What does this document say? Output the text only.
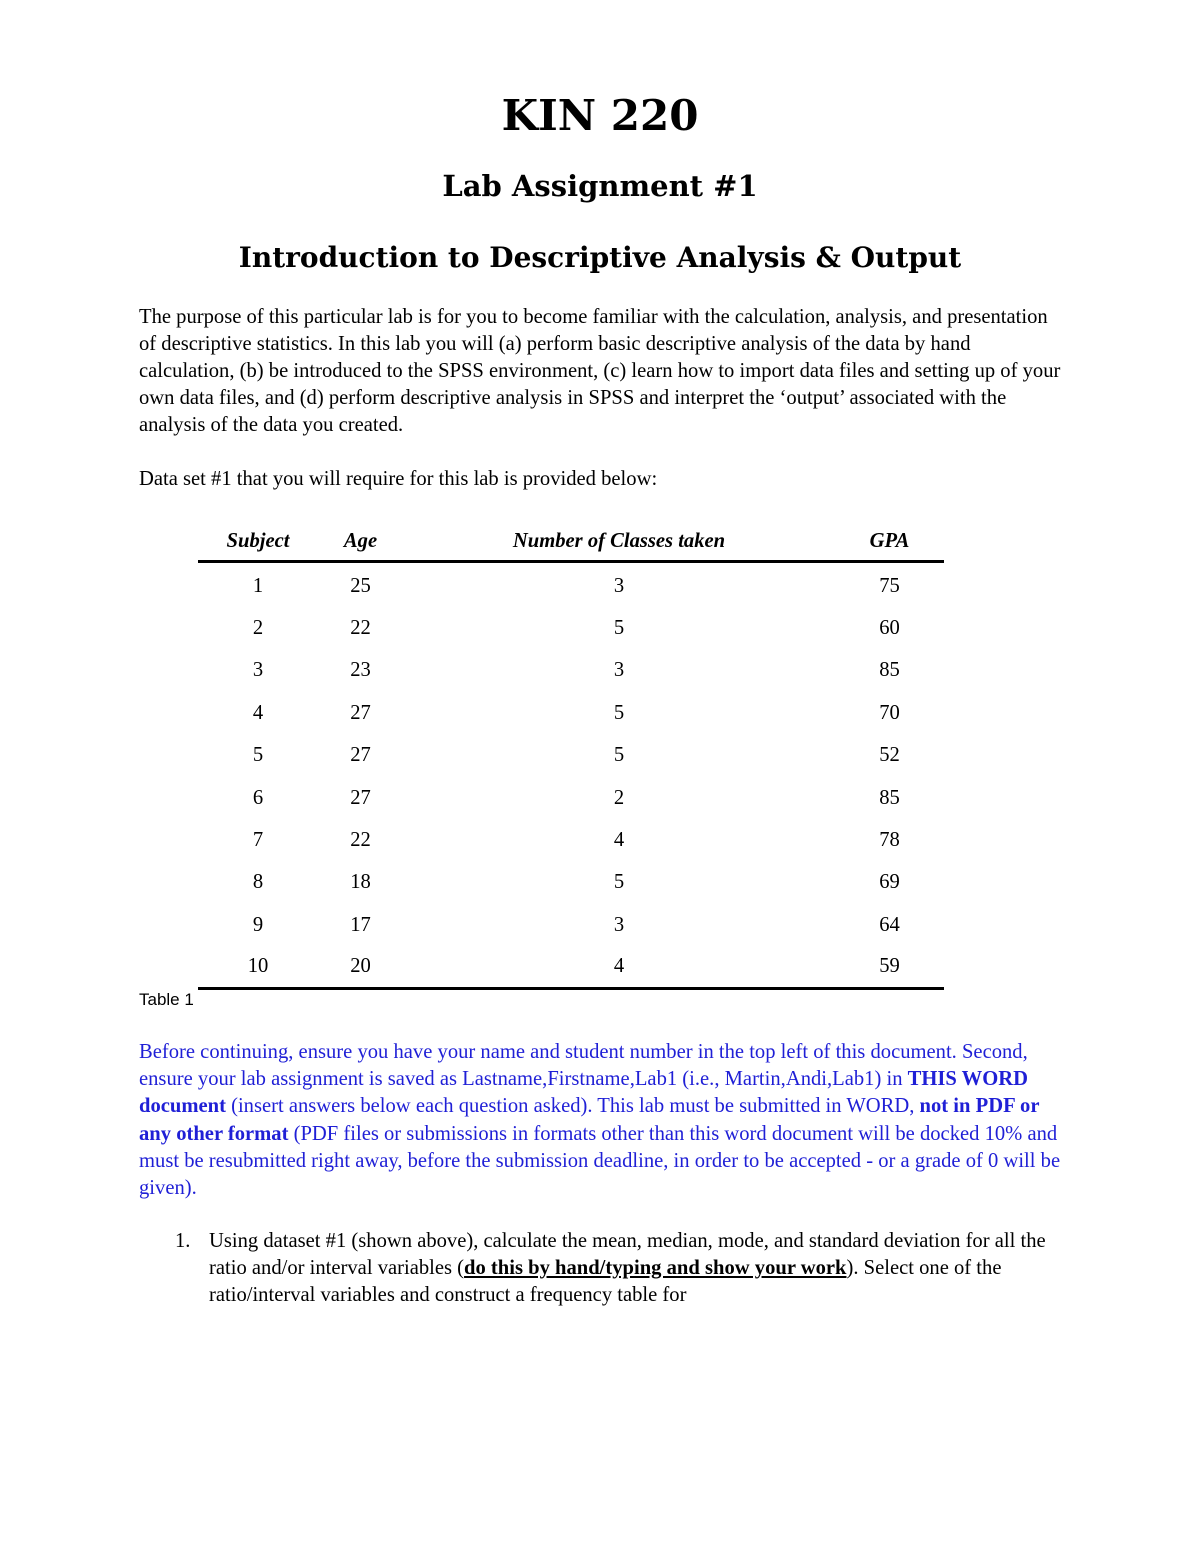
KIN 220
Lab Assignment #1
Introduction to Descriptive Analysis & Output

The purpose of this particular lab is for you to become familiar with the calculation, analysis, and presentation of descriptive statistics. In this lab you will (a) perform basic descriptive analysis of the data by hand calculation, (b) be introduced to the SPSS environment, (c) learn how to import data files and setting up of your own data files, and (d) perform descriptive analysis in SPSS and interpret the ‘output’ associated with the analysis of the data you created.

Data set #1 that you will require for this lab is provided below:

Subject	Age	Number of Classes taken	GPA
1	25	3	75
2	22	5	60
3	23	3	85
4	27	5	70
5	27	5	52
6	27	2	85
7	22	4	78
8	18	5	69
9	17	3	64
10	20	4	59

Table 1

Before continuing, ensure you have your name and student number in the top left of this document. Second, ensure your lab assignment is saved as Lastname,Firstname,Lab1 (i.e., Martin,Andi,Lab1) in THIS WORD document (insert answers below each question asked). This lab must be submitted in WORD, not in PDF or any other format (PDF files or submissions in formats other than this word document will be docked 10% and must be resubmitted right away, before the submission deadline, in order to be accepted - or a grade of 0 will be given).

1. Using dataset #1 (shown above), calculate the mean, median, mode, and standard deviation for all the ratio and/or interval variables (do this by hand/typing and show your work). Select one of the ratio/interval variables and construct a frequency table for
